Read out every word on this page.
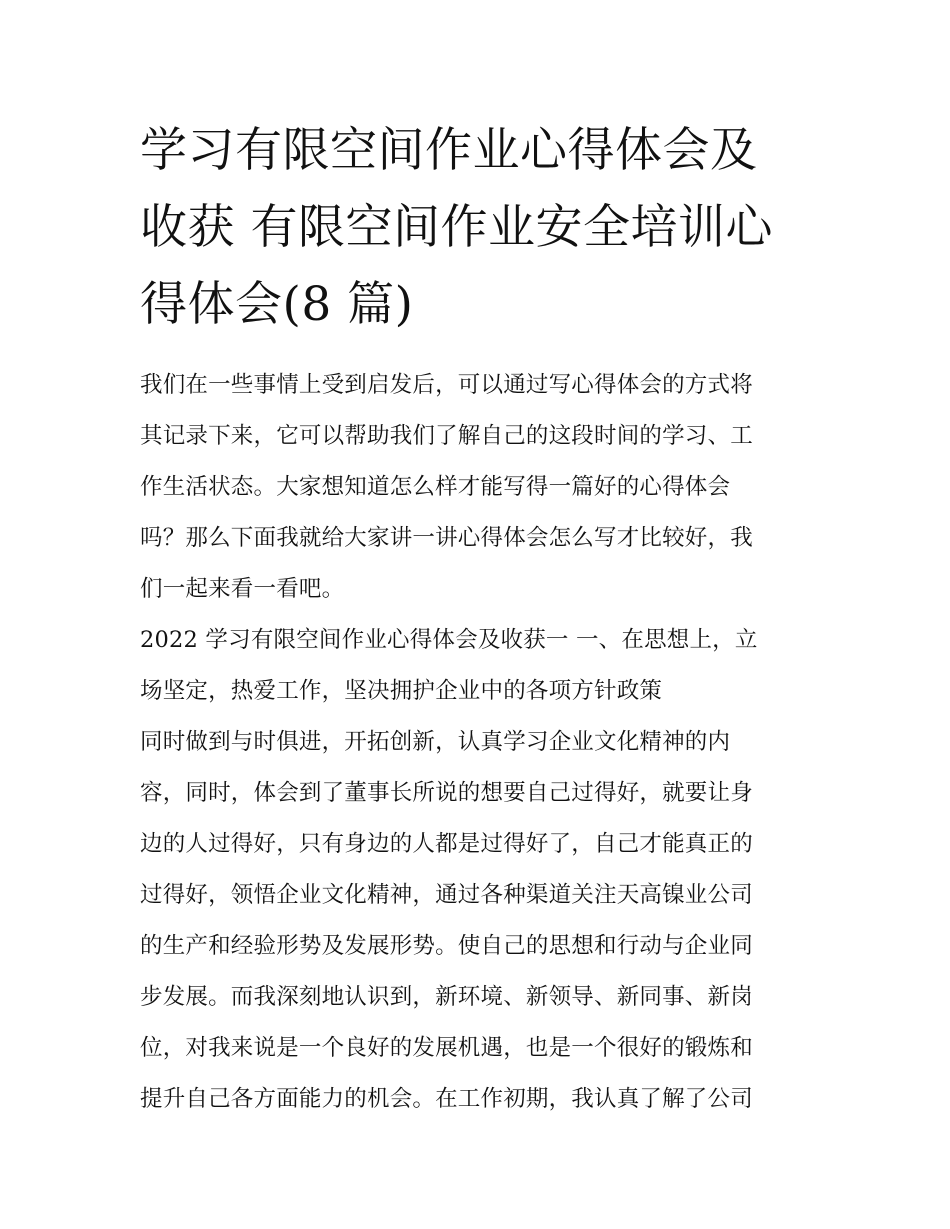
学习有限空间作业心得体会及
收获 有限空间作业安全培训心
得体会(8 篇)
我们在一些事情上受到启发后，可以通过写心得体会的方式将
其记录下来，它可以帮助我们了解自己的这段时间的学习、工
作生活状态。大家想知道怎么样才能写得一篇好的心得体会
吗？那么下面我就给大家讲一讲心得体会怎么写才比较好，我
们一起来看一看吧。
2022 学习有限空间作业心得体会及收获一 一、在思想上，立
场坚定，热爱工作，坚决拥护企业中的各项方针政策
同时做到与时俱进，开拓创新，认真学习企业文化精神的内
容，同时，体会到了董事长所说的想要自己过得好，就要让身
边的人过得好，只有身边的人都是过得好了，自己才能真正的
过得好，领悟企业文化精神，通过各种渠道关注天高镍业公司
的生产和经验形势及发展形势。使自己的思想和行动与企业同
步发展。而我深刻地认识到，新环境、新领导、新同事、新岗
位，对我来说是一个良好的发展机遇，也是一个很好的锻炼和
提升自己各方面能力的机会。在工作初期，我认真了解了公司
